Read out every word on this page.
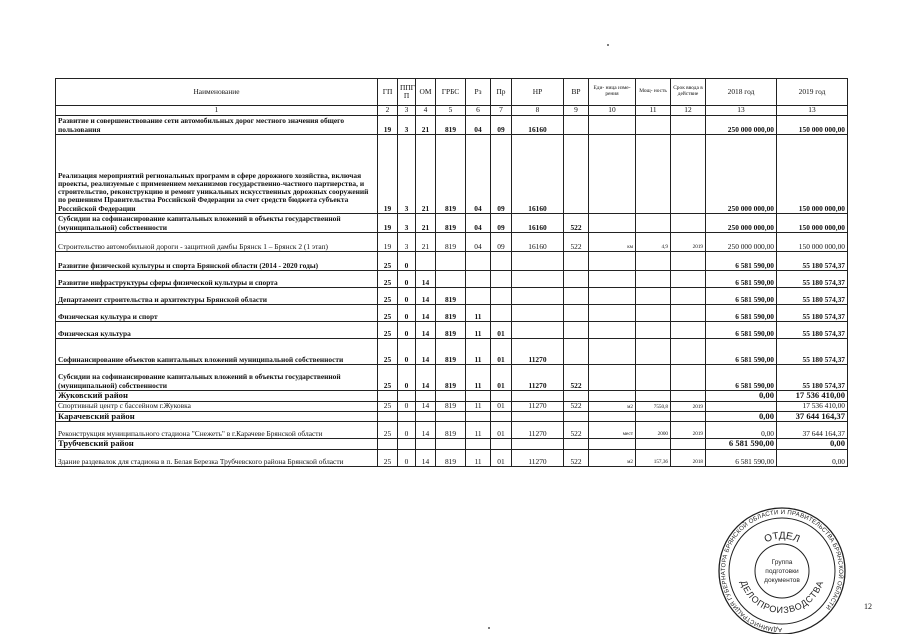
Наименование	ГП	ППГ П	ОМ	ГРБС	Рз	Пр	НР	ВР	Еди- ница изме- рения	Мощ- ность	Срок ввода в действие	2018 год	2019 год
1	2	3	4	5	6	7	8	9	10	11	12	13	13
Развитие и совершенствование сети автомобильных дорог местного значения общего пользования	19	3	21	819	04	09	16160					250 000 000,00	150 000 000,00
Реализация мероприятий региональных программ в сфере дорожного хозяйства, включая проекты, реализуемые с применением механизмов государственно-частного партнерства, и строительство, реконструкцию и ремонт уникальных искусственных дорожных сооружений по решениям Правительства Российской Федерации за счет средств бюджета субъекта Российской Федерации	19	3	21	819	04	09	16160					250 000 000,00	150 000 000,00
Субсидии на софинансирование капитальных вложений в объекты государственной (муниципальной) собственности	19	3	21	819	04	09	16160	522				250 000 000,00	150 000 000,00
Строительство автомобильной дороги - защитной дамбы Брянск 1 – Брянск 2 (1 этап)	19	3	21	819	04	09	16160	522	км	4,9	2019	250 000 000,00	150 000 000,00
Развитие физической культуры и спорта Брянской области (2014 - 2020 годы)	25	0										6 581 590,00	55 180 574,37
Развитие инфраструктуры сферы физической культуры и спорта	25	0	14									6 581 590,00	55 180 574,37
Департамент строительства и архитектуры Брянской области	25	0	14	819								6 581 590,00	55 180 574,37
Физическая культура и спорт	25	0	14	819	11							6 581 590,00	55 180 574,37
Физическая культура	25	0	14	819	11	01						6 581 590,00	55 180 574,37
Софинансирование объектов капитальных вложений муниципальной собственности	25	0	14	819	11	01	11270					6 581 590,00	55 180 574,37
Субсидии на софинансирование капитальных вложений в объекты государственной (муниципальной) собственности	25	0	14	819	11	01	11270	522				6 581 590,00	55 180 574,37
Жуковский район												0,00	17 536 410,00
Спортивный центр с бассейном г.Жуковка	25	0	14	819	11	01	11270	522	м2	7550,8	2019		17 536 410,00
Карачевский район												0,00	37 644 164,37
Реконструкция муниципального стадиона "Снежеть" в г.Карачеве Брянской области	25	0	14	819	11	01	11270	522	мест	2000	2019	0,00	37 644 164,37
Трубчевский район												6 581 590,00	0,00
Здание раздевалок для стадиона в п. Белая Березка Трубчевского района Брянской области	25	0	14	819	11	01	11270	522	м2	157,36	2018	6 581 590,00	0,00
АДМИНИСТРАЦИЯ ГУБЕРНАТОРА БРЯНСКОЙ ОБЛАСТИ И ПРАВИТЕЛЬСТВА БРЯНСКОЙ ОБЛАСТИ
ОТДЕЛ
ДЕЛОПРОИЗВОДСТВА
Группа
подготовки
документов
12
